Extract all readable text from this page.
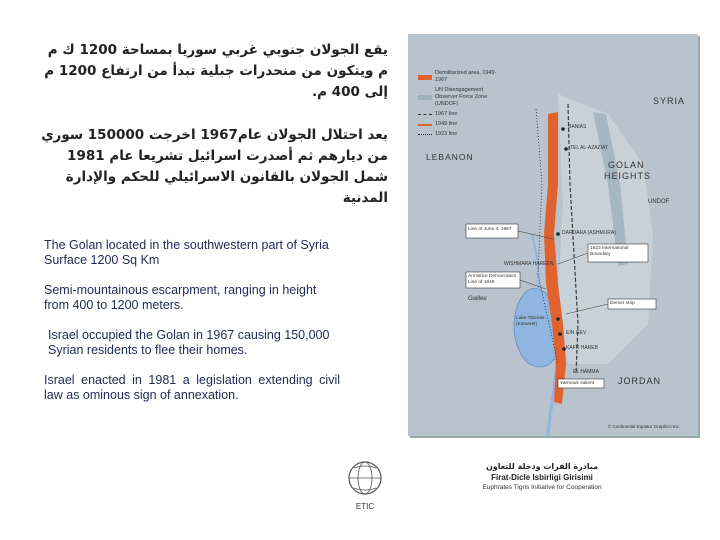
يقع الجولان جنوبي غربي سوريا بمساحة 1200 ك م م ويتكون من منحدرات جبلية تبدأ من ارتفاع 1200 م إلى 400 م.

بعد احتلال الجولان عام1967 اخرجت 150000 سوري من ديارهم ثم أصدرت اسرائيل تشريعا عام 1981 شمل الجولان بالقانون الاسرائيلي للحكم والإدارة المدنية

The Golan located in the southwestern part of Syria Surface 1200 Sq Km

Semi-mountainous escarpment, ranging in height from 400 to 1200 meters.

Israel occupied the Golan in 1967 causing 150,000 Syrian residents to flee their homes.

Israel enacted in 1981 a legislation extending civil law as ominous sign of annexation.

Demilitarized area, 1949-1967
UN Disengagement Observer Force Zone (UNDOF)
1967 line
1949 line
1923 line
SYRIA
LEBANON
GOLAN
HEIGHTS
JORDAN
UNDOF
Galilee
BANIAS
TEL AL-AZAZIAT
DARDARA (ASHMURA)
WISHMARA HAREEN
EIN GEV
KAFR HAREB
EL HAMMA
Line of June 4, 1967
Armistice Demarcation Line of 1949
1923 International Boundary
Lake Tiberias (Kinneret)
Yarmouk salient
Demer strip
© Continental Equator Graphics Inc.
ETIC
مبادرة الفرات ودجلة للتعاون
Firat-Dicle Isbirligi Girisimi
Euphrates Tigris Initiative for Cooperation
